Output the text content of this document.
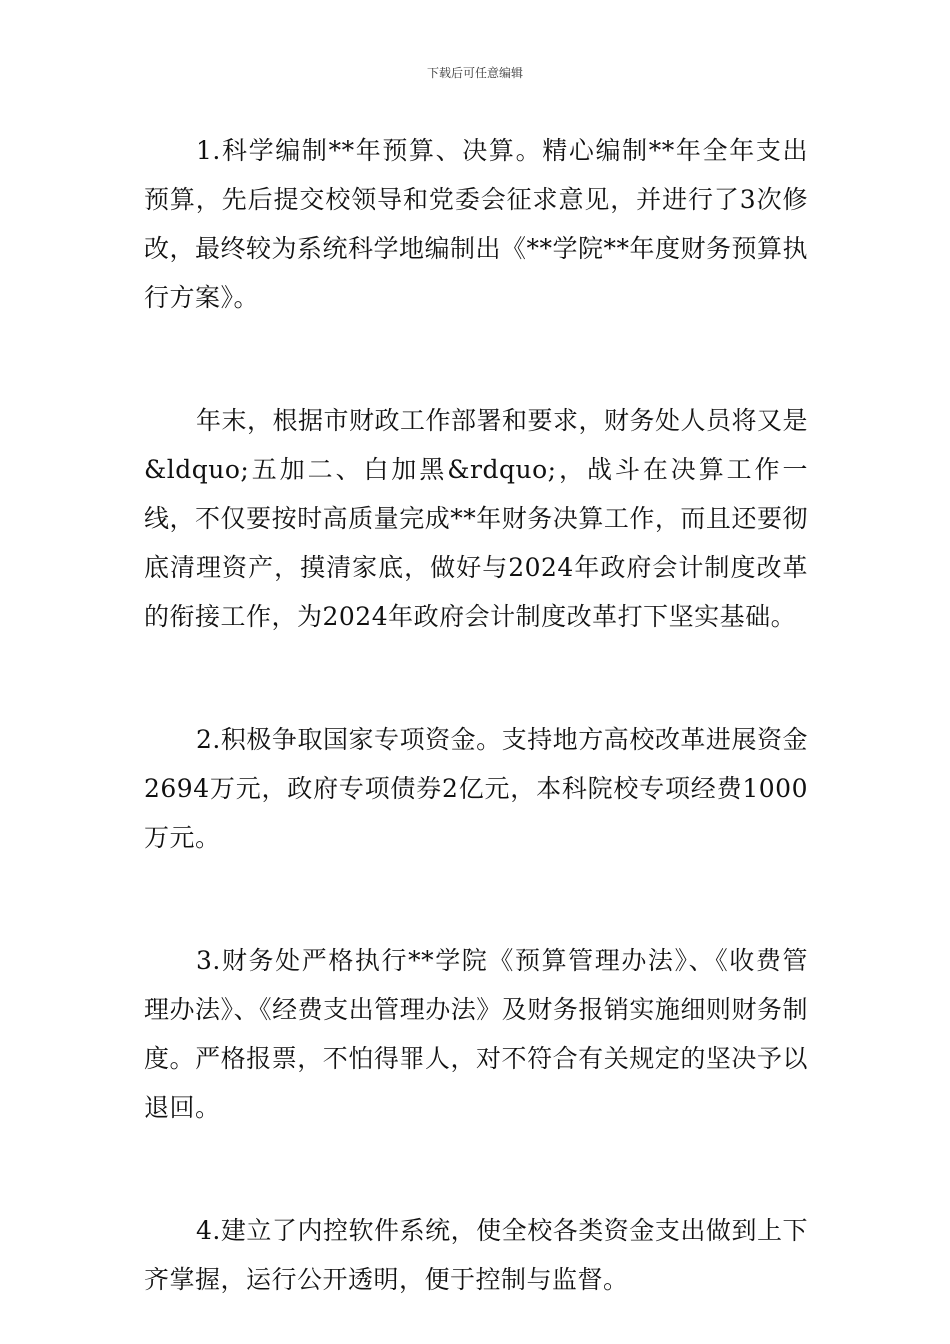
下载后可任意编辑

1.科学编制**年预算、决算。精心编制**年全年支出预算，先后提交校领导和党委会征求意见，并进行了3次修改，最终较为系统科学地编制出《**学院**年度财务预算执行方案》。

年末，根据市财政工作部署和要求，财务处人员将又是&ldquo;五加二、白加黑&rdquo;，战斗在决算工作一线，不仅要按时高质量完成**年财务决算工作，而且还要彻底清理资产，摸清家底，做好与2024年政府会计制度改革的衔接工作，为2024年政府会计制度改革打下坚实基础。

2.积极争取国家专项资金。支持地方高校改革进展资金2694万元，政府专项债券2亿元，本科院校专项经费1000万元。

3.财务处严格执行**学院《预算管理办法》、《收费管理办法》、《经费支出管理办法》及财务报销实施细则财务制度。严格报票，不怕得罪人，对不符合有关规定的坚决予以退回。

4.建立了内控软件系统，使全校各类资金支出做到上下齐掌握，运行公开透明，便于控制与监督。
